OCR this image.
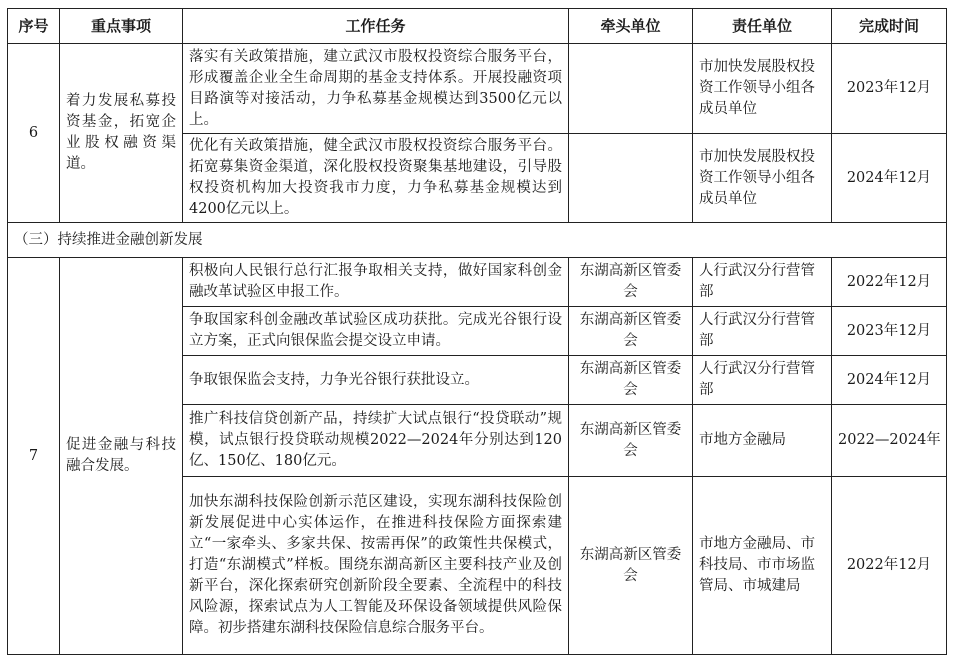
序号	重点事项	工作任务	牵头单位	责任单位	完成时间
6	着力发展私募投资基金，拓宽企业股权融资渠道。	落实有关政策措施，建立武汉市股权投资综合服务平台，形成覆盖企业全生命周期的基金支持体系。开展投融资项目路演等对接活动，力争私募基金规模达到3500亿元以上。		市加快发展股权投资工作领导小组各成员单位	2023年12月
		优化有关政策措施，健全武汉市股权投资综合服务平台。拓宽募集资金渠道，深化股权投资聚集基地建设，引导股权投资机构加大投资我市力度，力争私募基金规模达到4200亿元以上。		市加快发展股权投资工作领导小组各成员单位	2024年12月
（三）持续推进金融创新发展					
7	促进金融与科技融合发展。	积极向人民银行总行汇报争取相关支持，做好国家科创金融改革试验区申报工作。	东湖高新区管委会	人行武汉分行营管部	2022年12月
		争取国家科创金融改革试验区成功获批。完成光谷银行设立方案，正式向银保监会提交设立申请。	东湖高新区管委会	人行武汉分行营管部	2023年12月
		争取银保监会支持，力争光谷银行获批设立。	东湖高新区管委会	人行武汉分行营管部	2024年12月
		推广科技信贷创新产品，持续扩大试点银行“投贷联动”规模，试点银行投贷联动规模2022—2024年分别达到120亿、150亿、180亿元。	东湖高新区管委会	市地方金融局	2022—2024年
		加快东湖科技保险创新示范区建设，实现东湖科技保险创新发展促进中心实体运作，在推进科技保险方面探索建立“一家牵头、多家共保、按需再保”的政策性共保模式，打造“东湖模式”样板。围绕东湖高新区主要科技产业及创新平台，深化探索研究创新阶段全要素、全流程中的科技风险源，探索试点为人工智能及环保设备领域提供风险保障。初步搭建东湖科技保险信息综合服务平台。	东湖高新区管委会	市地方金融局、市科技局、市市场监管局、市城建局	2022年12月
